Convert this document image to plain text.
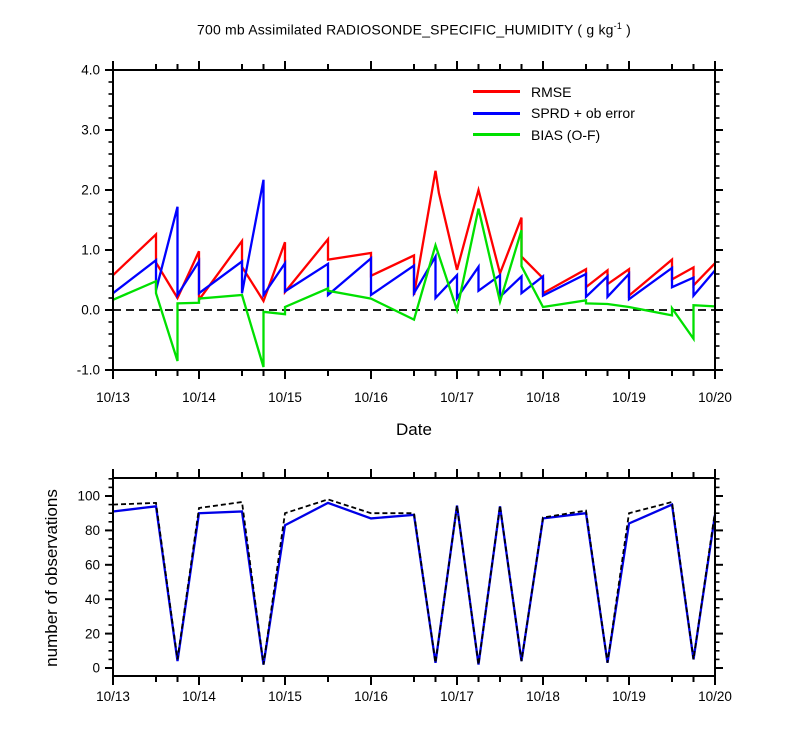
10/13	10/14	10/15	10/16	10/17	10/18	10/19	10/20
-1.0
0.0
1.0
2.0
3.0
4.0
10/13	10/14	10/15	10/16	10/17	10/18	10/19	10/20
0
20
40
60
80
100
700 mb Assimilated RADIOSONDE_SPECIFIC_HUMIDITY ( g $kg^{-1}$ )
RMSE
SPRD + ob error
BIAS (O-F)
Date
number of observations
